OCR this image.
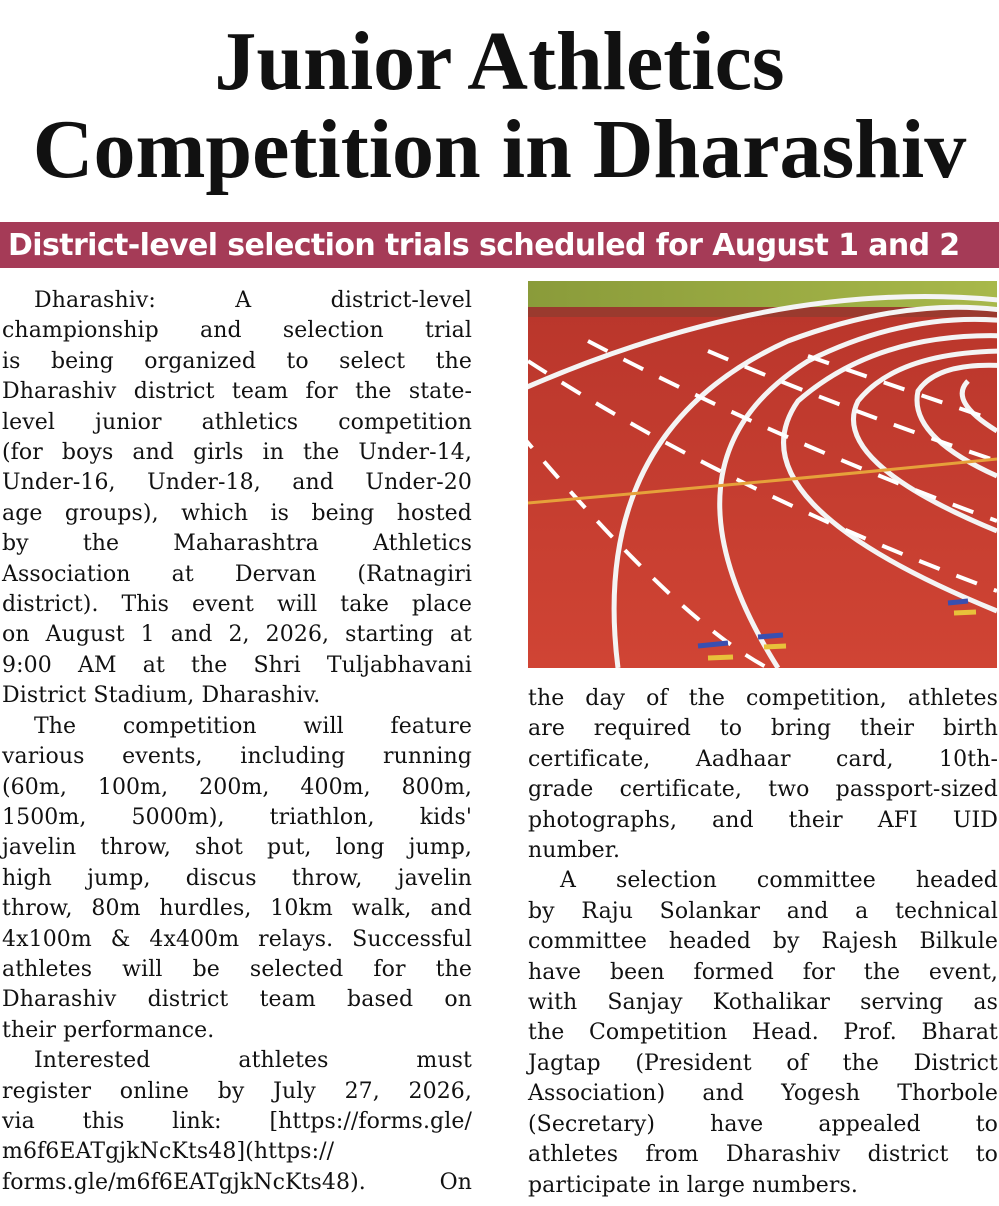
Junior Athletics
Competition in Dharashiv
District-level selection trials scheduled for August 1 and 2

Dharashiv: A district-level

championship and selection trial

is being organized to select the

Dharashiv district team for the state-

level junior athletics competition

(for boys and girls in the Under-14,

Under-16, Under-18, and Under-20

age groups), which is being hosted

by the Maharashtra Athletics

Association at Dervan (Ratnagiri

district). This event will take place

on August 1 and 2, 2026, starting at

9:00 AM at the Shri Tuljabhavani

District Stadium, Dharashiv.

The competition will feature

various events, including running

(60m, 100m, 200m, 400m, 800m,

1500m, 5000m), triathlon, kids'

javelin throw, shot put, long jump,

high jump, discus throw, javelin

throw, 80m hurdles, 10km walk, and

4x100m & 4x400m relays. Successful

athletes will be selected for the

Dharashiv district team based on

their performance.

Interested athletes must

register online by July 27, 2026,

via this link: [https://forms.gle/

m6f6EATgjkNcKts48](https://

forms.gle/m6f6EATgjkNcKts48). On

the day of the competition, athletes

are required to bring their birth

certificate, Aadhaar card, 10th-

grade certificate, two passport-sized

photographs, and their AFI UID

number.

A selection committee headed

by Raju Solankar and a technical

committee headed by Rajesh Bilkule

have been formed for the event,

with Sanjay Kothalikar serving as

the Competition Head. Prof. Bharat

Jagtap (President of the District

Association) and Yogesh Thorbole

(Secretary) have appealed to

athletes from Dharashiv district to

participate in large numbers.
